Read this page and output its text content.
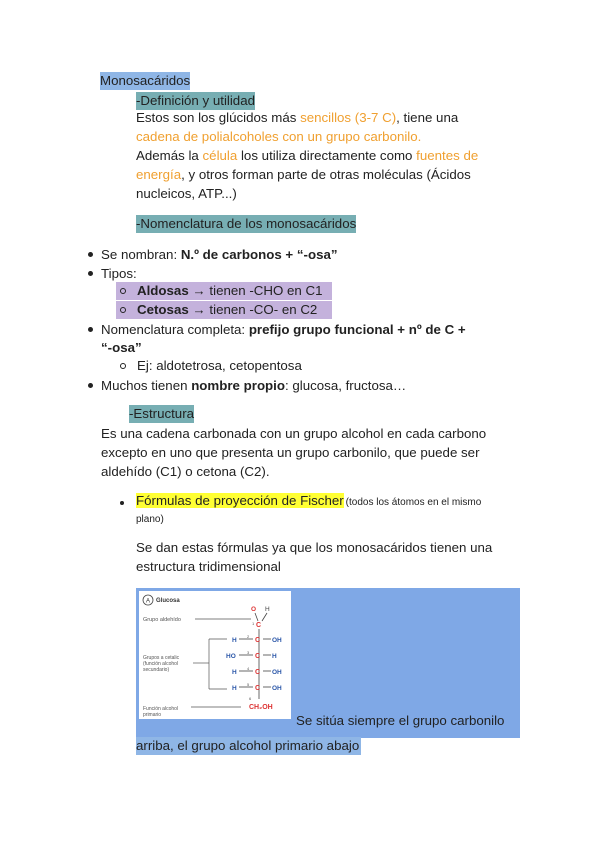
Monosacáridos
-Definición y utilidad
Estos son los glúcidos más sencillos (3-7 C), tiene una
cadena de polialcoholes con un grupo carbonilo.
Además la célula los utiliza directamente como fuentes de
energía, y otros forman parte de otras moléculas (Ácidos
nucleicos, ATP...)
-Nomenclatura de los monosacáridos
Se nombran: N.º de carbonos + “-osa”
Tipos:
Aldosas → tienen -CHO en C1
Cetosas → tienen -CO- en C2
Nomenclatura completa: prefijo grupo funcional + nº de C +
“-osa”
Ej: aldotetrosa, cetopentosa
Muchos tienen nombre propio: glucosa, fructosa…
-Estructura
Es una cadena carbonada con un grupo alcohol en cada carbono
excepto en uno que presenta un grupo carbonilo, que puede ser
aldehído (C1) o cetona (C2).
Fórmulas de proyección de Fischer (todos los átomos en el mismo
plano)
Se dan estas fórmulas ya que los monosacáridos tienen una
estructura tridimensional
A Glucosa
Grupo aldehído
Grupos a cetalic
(función alcohol
secundario)
Función alcohol
primario
O H
C
1
H
2
C OH
HO
3
C H
H
4
C OH
H
5
C OH
6
CH₂OH
Se sitúa siempre el grupo carbonilo
arriba, el grupo alcohol primario abajo
